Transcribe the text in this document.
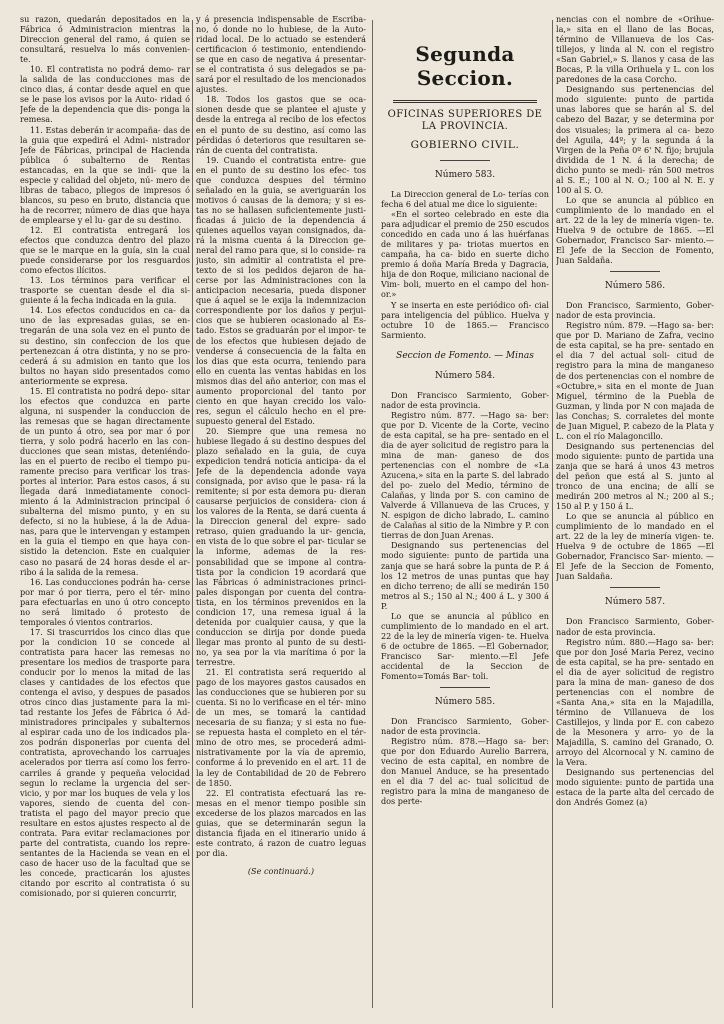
su razon, quedarán depositados en la Fábrica ó Administracion mientras la Direccion general del ramo, á quien se consultará, resuelva lo más convenien- te.

10. El contratista no podrá demo- rar la salida de las conducciones mas de cinco dias, á contar desde aquel en que se le pase los avisos por la Auto- ridad ó Jefe de la dependencia que dis- ponga la remesa.

11. Estas deberán ir acompaña- das de la guia que expedirá el Admi- nistrador Jefe de Fábricas, principal de Hacienda pública ó subalterno de Rentas estancadas, en la que se indi- que la especie y calidad del objeto, nú- mero de libras de tabaco, pliegos de impresos ó blancos, su peso en bruto, distancia que ha de recorrer, número de dias que haya de emplearse y el lu- gar de su destino.

12. El contratista entregará los efectos que conduzca dentro del plazo que se le marque en la guía, sin la cual puede considerarse por los resguardos como efectos ilícitos.

13. Los términos para verificar el trasporte se cuentan desde el dia si- guiente á la fecha indicada en la guia.

14. Los efectos conducidos en ca- da uno de las expresadas guias, se en- tregarán de una sola vez en el punto de su destino, sin confeccion de los que pertenezcan á otra distinta, y no se pro- cederá á su admision en tanto que los bultos no hayan sido presentados como anteriormente se expresa.

15. El contratista no podrá depo- sitar los efectos que conduzca en parte alguna, ni suspender la conduccion de las remesas que se hagan directamente de un punto á otro, sea por mar ó por tierra, y solo podrá hacerlo en las con- ducciones que sean mistas, deteniéndo- las en el puerto de recibo el tiempo pu- ramente preciso para verificar los tras- portes al interior. Para estos casos, á su llegada dará inmediatamente conoci- miento á la Administracion principal ó subalterna del mismo punto, y en su defecto, si no la hubiese, á la de Adua- nas, para que le intervengan y estampen en la guia el tiempo en que haya con- sistido la detencion. Este en cualquier caso no pasará de 24 horas desde el ar- ribo á la salida de la remesa.

16. Las conducciones podrán ha- cerse por mar ó por tierra, pero el tér- mino para efectuarlas en uno ú otro concepto no será limitado ó protesto de temporales ó vientos contrarios.

17. Si trascurridos los cinco dias que por la condicion 10 se concede al contratista para hacer las remesas no presentare los medios de trasporte para conducir por lo menos la mitad de las clases y cantidades de los efectos que contenga el aviso, y despues de pasados otros cinco dias justamente para la mi- tad restante los Jefes de Fábrica ó Ad- ministradores principales y subalternos al espirar cada uno de los indicados pla- zos podrán disponerlas por cuenta del contratista, aprovechando los carruajes acelerados por tierra así como los ferro- carriles á grande y pequeña velocidad segun lo reclame la urgencia del ser- vicio, y por mar los buques de vela y los vapores, siendo de cuenta del con- tratista el pago del mayor precio que resultare en estos ajustes respecto al de contrata. Para evitar reclamaciones por parte del contratista, cuando los repre- sentantes de la Hacienda se vean en el caso de hacer uso de la facultad que se les concede, practicarán los ajustes citando por escrito al contratista ó su comisionado, por si quieren concurrir,

y á presencia indispensable de Escriba- no, ó donde no lo hubiese, de la Auto- ridad local. De lo actuado se estenderá certificacion ó testimonio, entendiendo- se que en caso de negativa á presentar- se el contratista ó sus delegados se pa- sará por el resultado de los mencionados ajustes.

18. Todos los gastos que se oca- sionen desde que se plantee el ajuste y desde la entrega al recibo de los efectos en el punto de su destino, así como las pérdidas ó deterioros que resultaren se- rán de cuenta del contratista.

19. Cuando el contratista entre- gue en el punto de su destino los efec- tos que conduzca despues del término señalado en la guia, se averiguarán los motivos ó causas de la demora; y si es- tas no se hallasen suficientemente justi- ficadas á juicio de la dependencia á quienes aquellos vayan consignados, da- rá la misma cuenta á la Direccion ge- neral del ramo para que, si lo conside- ra justo, sin admitir al contratista el pre- texto de si los pedidos dejaron de ha- cerse por las Administraciones con la anticipacion necesaria, pueda disponer que á aquel se le exija la indemnizacion correspondiente por los daños y perjui- cios que se hubieren ocasionado al Es- tado. Estos se graduarán por el impor- te de los efectos que hubiesen dejado de venderse á consecuencia de la falta en los dias que esta ocurra, teniendo para ello en cuenta las ventas habidas en los mismos dias del año anterior, con mas el aumento proporcional del tanto por ciento en que hayan crecido los valo- res, segun el cálculo hecho en el pre- supuesto general del Estado.

20. Siempre que una remesa no hubiese llegado á su destino despues del plazo señalado en la guia, de cuya expedicion tendrá noticia anticipa- da el Jefe de la dependencia adonde vaya consignada, por aviso que le pasa- rá la remitente; si por esta demora pu- dieran causarse perjuicios de considera- cion á los valores de la Renta, se dará cuenta á la Direccion general del expre- sado retraso, quien graduando la ur- gencia, en vista de lo que sobre el par- ticular se la informe, ademas de la res- ponsabilidad que se impone al contra- tista por la condicion 19 acordará que las Fábricas ó administraciones princi- pales dispongan por cuenta del contra- tista, en los términos prevenidos en la condicion 17, una remesa igual á la detenida por cualquier causa, y que la conduccion se dirija por donde pueda llegar mas pronto al punto de su desti- no, ya sea por la via marítima ó por la terrestre.

21. El contratista será requerido al pago de los mayores gastos causados en las conducciones que se hubieren por su cuenta. Si no lo verificase en el tér- mino de un mes, se tomará la cantidad necesaria de su fianza; y si esta no fue- se repuesta hasta el completo en el tér- mino de otro mes, se procederá admi- nistrativamente por la vía de apremio, conforme á lo prevenido en el art. 11 de la ley de Contabilidad de 20 de Febrero de 1850.

22. El contratista efectuará las re- mesas en el menor tiempo posible sin excederse de los plazos marcados en las guias, que se determinarán segun la distancia fijada en el itinerario unido á este contrato, á razon de cuatro leguas por dia.

(Se continuará.)
Segunda Seccion.
OFICINAS SUPERIORES DE LA PROVINCIA.
GOBIERNO CIVIL.
Número 583.

La Direccion general de Lo- terías con fecha 6 del atual me dice lo siguiente:

«En el sorteo celebrado en este dia para adjudicar el premio de 250 escudos concedido en cada uno á las huérfanas de militares y pa- triotas muertos en campaña, ha ca- bido en suerte dicho premio á doña María Breda y Dagracia, hija de don Roque, miliciano nacional de Vim- boli, muerto en el campo del hon- or.»

Y se inserta en este periódico ofi- cial para inteligencia del público. Huelva y octubre 10 de 1865.— Francisco Sarmiento.

Seccion de Fomento. — Minas
Número 584.

Don Francisco Sarmiento, Gober- nador de esta provincia.

Registro núm. 877. —Hago sa- ber: que por D. Vicente de la Corte, vecino de esta capital, se ha pre- sentado en el dia de ayer solicitud de registro para la mina de man- ganeso de dos pertenencias con el nombre de «La Azucena,» sita en la parte S. del labrado del po- zuelo del Medio, término de Calañas, y linda por S. con camino de Valverde á Villanueva de las Cruces, y N. espigon de dicho labrado, L. camino de Calañas al sitio de la Nimbre y P. con tierras de don Juan Arenas.

Designando sus pertenencias del modo siguiente: punto de partida una zanja que se hará sobre la punta de P. á los 12 metros de unas puntas que hay en dicho terreno; de allí se medirán 150 metros al S.; 150 al N.; 400 á L. y 300 á P.

Lo que se anuncia al público en cumplimiento de lo mandado en el art. 22 de la ley de minería vigen- te. Huelva 6 de octubre de 1865. —El Gobernador, Francisco Sar- miento.—El Jefe accidental de la Seccion de Fomento=Tomás Bar- toli.

Número 585.

Don Francisco Sarmiento, Gober- nador de esta provincia.

Registro núm. 878.—Hago sa- ber: que por don Eduardo Aurelio Barrera, vecino de esta capital, en nombre de don Manuel Anduce, se ha presentado en el dia 7 del ac- tual solicitud de registro para la mina de manganeso de dos perte-

nencias con el nombre de «Orihue- la,» sita en el llano de las Bocas, término de Villanueva de los Cas- tillejos, y linda al N. con el registro «San Gabriel,» S. llanos y casa de las Bocas, P. la villa Orihuela y L. con los paredones de la casa Corcho.

Designando sus pertenencias del modo siguiente: punto de partida unas labores que se harán al S. del cabezo del Bazar, y se determina por dos visuales; la primera al ca- bezo del Aguila, 44º; y la segunda á la Virgen de la Peña 0º 6' N. fijo; brujula dividida de 1 N. á la derecha; de dicho punto se medi- rán 500 metros al S. E.; 100 al N. O.; 100 al N. E. y 100 al S. O.

Lo que se anuncia al público en cumplimiento de lo mandado en el art. 22 de la ley de minería vigen- te. Huelva 9 de octubre de 1865. —El Gobernador, Francisco Sar- miento.—El Jefe de la Seccion de Fomento, Juan Saldaña.

Número 586.

Don Francisco, Sarmiento, Gober- nador de esta provincia.

Registro núm. 879. —Hago sa- ber: que por D. Mariano de Zafra, vecino de esta capital, se ha pre- sentado en el dia 7 del actual soli- citud de registro para la mina de manganeso de dos pertenencias con el nombre de «Octubre,» sita en el monte de Juan Miguel, término de la Puebla de Guzman, y linda por N con majada de las Conchas; S. corraletes del monte de Juan Miguel, P. cabezo de la Plata y L. con el río Malagoncillo.

Designando sus pertenencias del modo siguiente: punto de partida una zanja que se hará á unos 43 metros del peñon que está al S. junto al tronco de una encina; de allí se medirán 200 metros al N.; 200 al S.; 150 al P. y 150 á L.

Lo que se anuncia al público en cumplimiento de lo mandado en el art. 22 de la ley de minería vigen- te. Huelva 9 de octubre de 1865 —El Gobernador, Francisco Sar- miento. —El Jefe de la Seccion de Fomento, Juan Saldaña.

Número 587.

Don Francisco Sarmiento, Gober- nador de esta provincia.

Registro núm. 880.—Hago sa- ber: que por don José Maria Perez, vecino de esta capital, se ha pre- sentado en el dia de ayer solicitud de registro para la mina de man- ganeso de dos pertenencias con el nombre de «Santa Ana,» sita en la Majadilla, término de Villanueva de los Castillejos, y linda por E. con cabezo de la Mesonera y arro- yo de la Majadilla, S. camino del Granado, O. arroyo del Alcornocal y N. camino de la Vera.

Designando sus pertenencias del modo siguiente: punto de partida una estaca de la parte alta del cercado de don Andrés Gomez (a)
